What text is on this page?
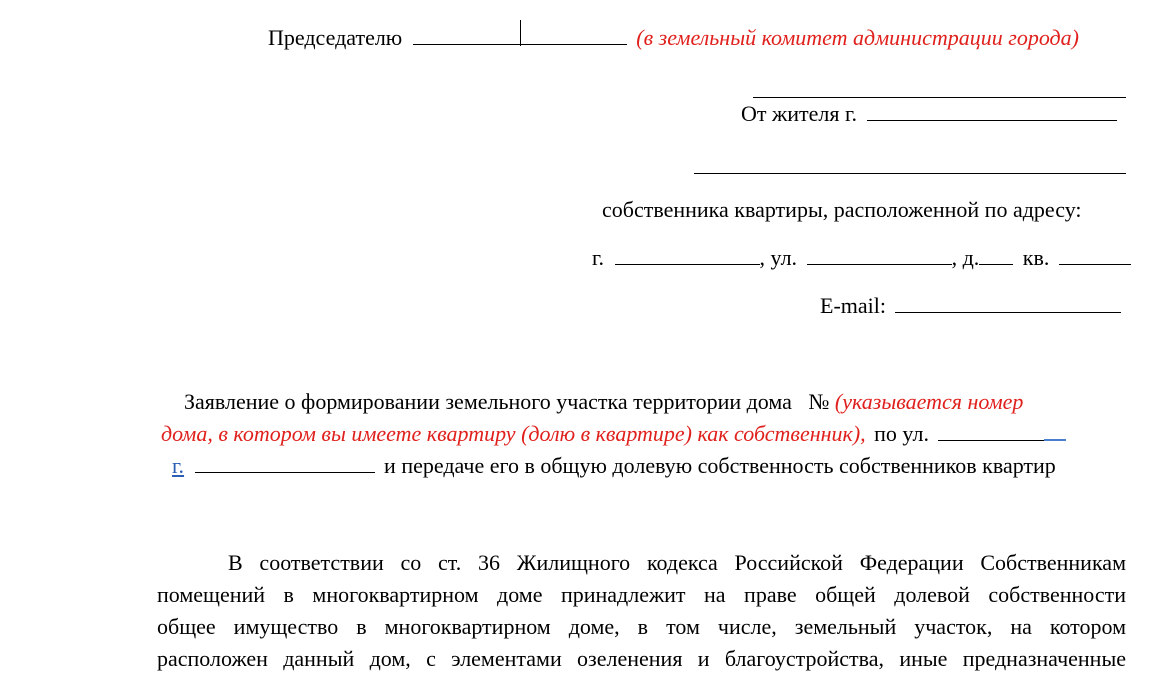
Председателю	(в земельный комитет администрации города)
От жителя г.
собственника квартиры, расположенной по адресу:
г.	, ул.	, д. кв.
E-mail:
Заявление о формировании земельного участка территории дома   № (указывается номер
дома, в котором вы имеете квартиру (долю в квартире) как собственник), по ул.
г.	и передаче его в общую долевую собственность собственников квартир
В соответствии со ст. 36 Жилищного кодекса Российской Федерации Собственникам
помещений в многоквартирном доме принадлежит на праве общей долевой собственности
общее имущество в многоквартирном доме, в том числе, земельный участок, на котором
расположен данный дом, с элементами озеленения и благоустройства, иные предназначенные
